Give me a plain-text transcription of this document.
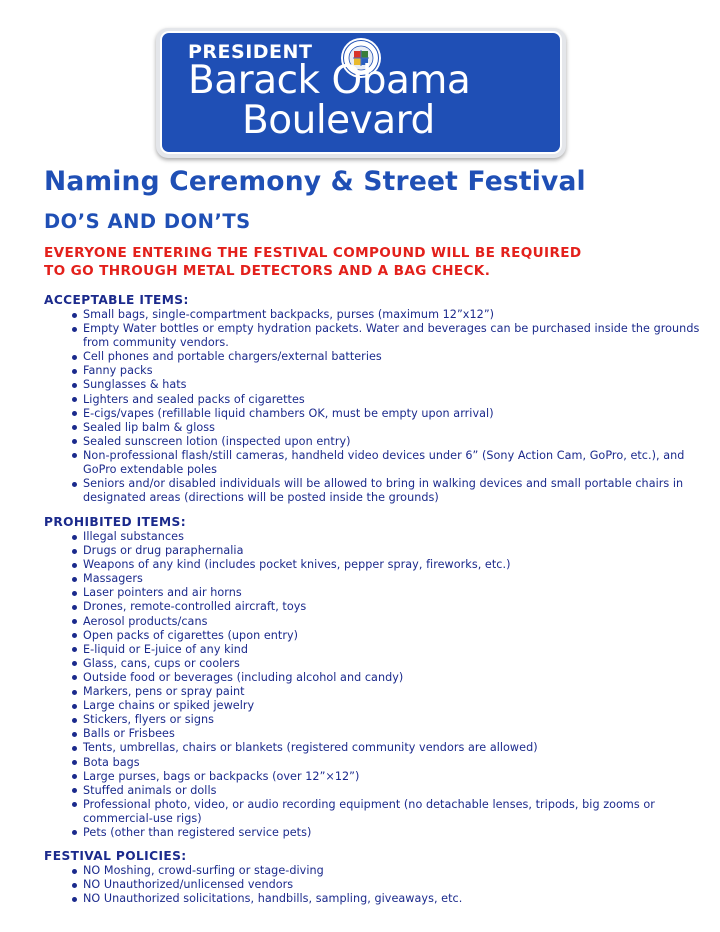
PRESIDENT
Barack Obama
Boulevard
Naming Ceremony & Street Festival
DO’S AND DON’TS
EVERYONE ENTERING THE FESTIVAL COMPOUND WILL BE REQUIRED
TO GO THROUGH METAL DETECTORS AND A BAG CHECK.
ACCEPTABLE ITEMS:
Small bags, single-compartment backpacks, purses (maximum 12”x12”)
Empty Water bottles or empty hydration packets. Water and beverages can be purchased inside the grounds from community vendors.
Cell phones and portable chargers/external batteries
Fanny packs
Sunglasses & hats
Lighters and sealed packs of cigarettes
E-cigs/vapes (refillable liquid chambers OK, must be empty upon arrival)
Sealed lip balm & gloss
Sealed sunscreen lotion (inspected upon entry)
Non-professional flash/still cameras, handheld video devices under 6” (Sony Action Cam, GoPro, etc.), and GoPro extendable poles
Seniors and/or disabled individuals will be allowed to bring in walking devices and small portable chairs in designated areas (directions will be posted inside the grounds)
PROHIBITED ITEMS:
Illegal substances
Drugs or drug paraphernalia
Weapons of any kind (includes pocket knives, pepper spray, fireworks, etc.)
Massagers
Laser pointers and air horns
Drones, remote-controlled aircraft, toys
Aerosol products/cans
Open packs of cigarettes (upon entry)
E-liquid or E-juice of any kind
Glass, cans, cups or coolers
Outside food or beverages (including alcohol and candy)
Markers, pens or spray paint
Large chains or spiked jewelry
Stickers, flyers or signs
Balls or Frisbees
Tents, umbrellas, chairs or blankets (registered community vendors are allowed)
Bota bags
Large purses, bags or backpacks (over 12”×12”)
Stuffed animals or dolls
Professional photo, video, or audio recording equipment (no detachable lenses, tripods, big zooms or commercial-use rigs)
Pets (other than registered service pets)
FESTIVAL POLICIES:
NO Moshing, crowd-surfing or stage-diving
NO Unauthorized/unlicensed vendors
NO Unauthorized solicitations, handbills, sampling, giveaways, etc.
